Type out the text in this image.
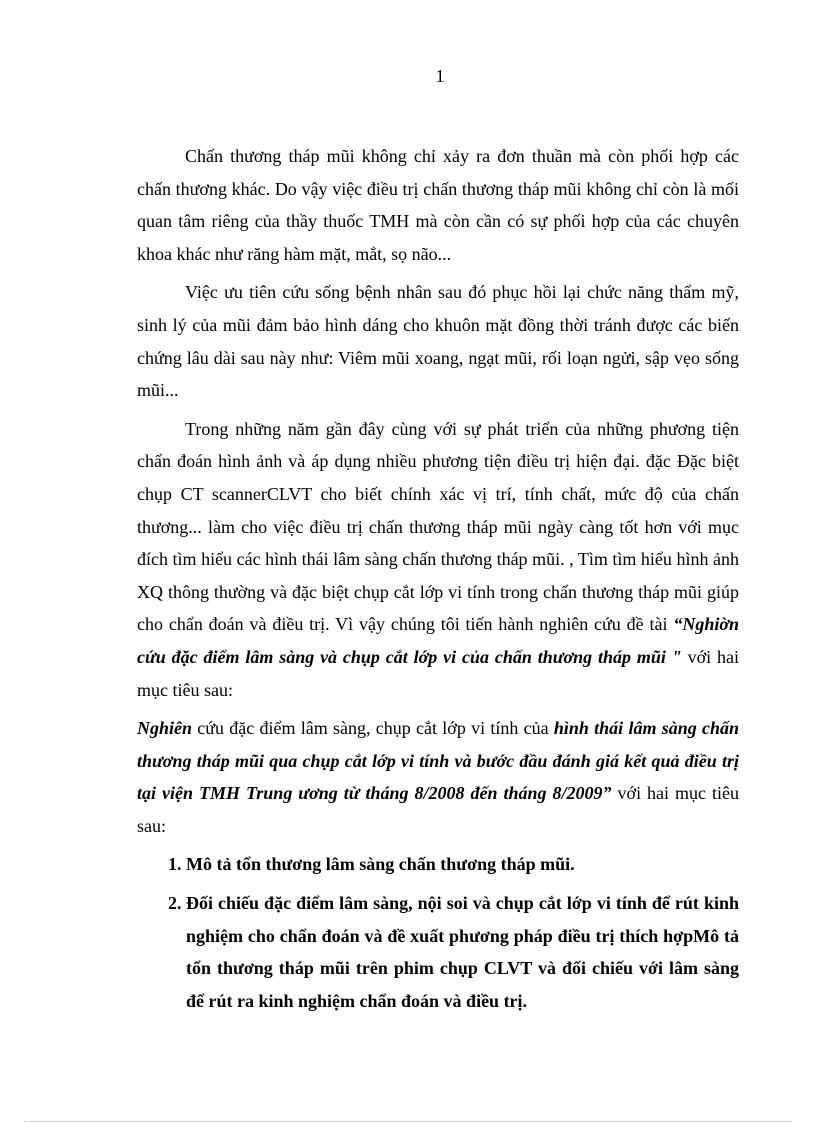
1

Chấn thương tháp mũi không chỉ xảy ra đơn thuần mà còn phối hợp các chấn thương khác. Do vậy việc điều trị chấn thương tháp mũi không chỉ còn là mối quan tâm riêng của thầy thuốc TMH mà còn cần có sự phối hợp của các chuyên khoa khác như răng hàm mặt, mắt, sọ não...

Việc ưu tiên cứu sống bệnh nhân sau đó phục hồi lại chức năng thẩm mỹ, sinh lý của mũi đảm bảo hình dáng cho khuôn mặt đồng thời tránh được các biến chứng lâu dài sau này như: Viêm mũi xoang, ngạt mũi, rối loạn ngửi, sập vẹo sống mũi...

Trong những năm gần đây cùng với sự phát triển của những phương tiện chẩn đoán hình ảnh và áp dụng nhiều phương tiện điều trị hiện đại. đặc Đặc biệt chụp CT scannerCLVT cho biết chính xác vị trí, tính chất, mức độ của chấn thương... làm cho việc điều trị chấn thương tháp mũi ngày càng tốt hơn với mục đích tìm hiểu các hình thái lâm sàng chấn thương tháp mũi. , Tìm tìm hiểu hình ảnh XQ thông thường và đặc biệt chụp cắt lớp vi tính trong chấn thương tháp mũi giúp cho chẩn đoán và điều trị. Vì vậy chúng tôi tiến hành nghiên cứu đề tài “Nghiờn cứu đặc điểm lâm sàng và chụp cắt lớp vi của chấn thương tháp mũi " với hai mục tiêu sau:

Nghiên cứu đặc điểm lâm sàng, chụp cắt lớp vi tính của hình thái lâm sàng chấn thương tháp mũi qua chụp cắt lớp vi tính và bước đầu đánh giá kết quả điều trị tại viện TMH Trung ương từ tháng 8/2008 đến tháng 8/2009” với hai mục tiêu sau:

1. Mô tả tổn thương lâm sàng chấn thương tháp mũi.
2. Đối chiếu đặc điểm lâm sàng, nội soi và chụp cắt lớp vi tính để rút kinh nghiệm cho chẩn đoán và đề xuất phương pháp điều trị thích hợpMô tả tổn thương tháp mũi trên phim chụp CLVT và đối chiếu với lâm sàng để rút ra kinh nghiệm chẩn đoán và điều trị.
